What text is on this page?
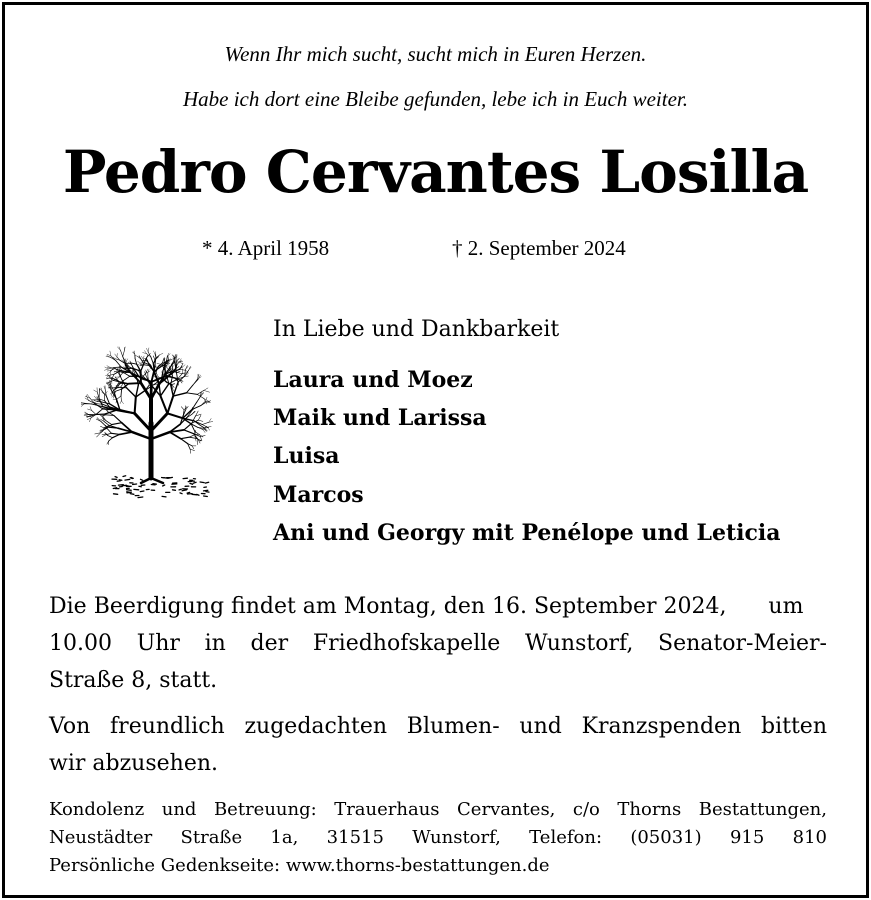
Wenn Ihr mich sucht, sucht mich in Euren Herzen.
Habe ich dort eine Bleibe gefunden, lebe ich in Euch weiter.
Pedro Cervantes Losilla
* 4. April 1958	† 2. September 2024
In Liebe und Dankbarkeit
Laura und Moez
Maik und Larissa
Luisa
Marcos
Ani und Georgy mit Penélope und Leticia
Die Beerdigung findet am Montag, den 16. September 2024,      um
10.00 Uhr in der Friedhofskapelle Wunstorf, Senator-Meier-
Straße 8, statt.
Von freundlich zugedachten Blumen- und Kranzspenden bitten
wir abzusehen.
Kondolenz und Betreuung: Trauerhaus Cervantes, c/o Thorns Bestattungen,
Neustädter Straße 1a, 31515 Wunstorf, Telefon: (05031) 915 810
Persönliche Gedenkseite: www.thorns-bestattungen.de
